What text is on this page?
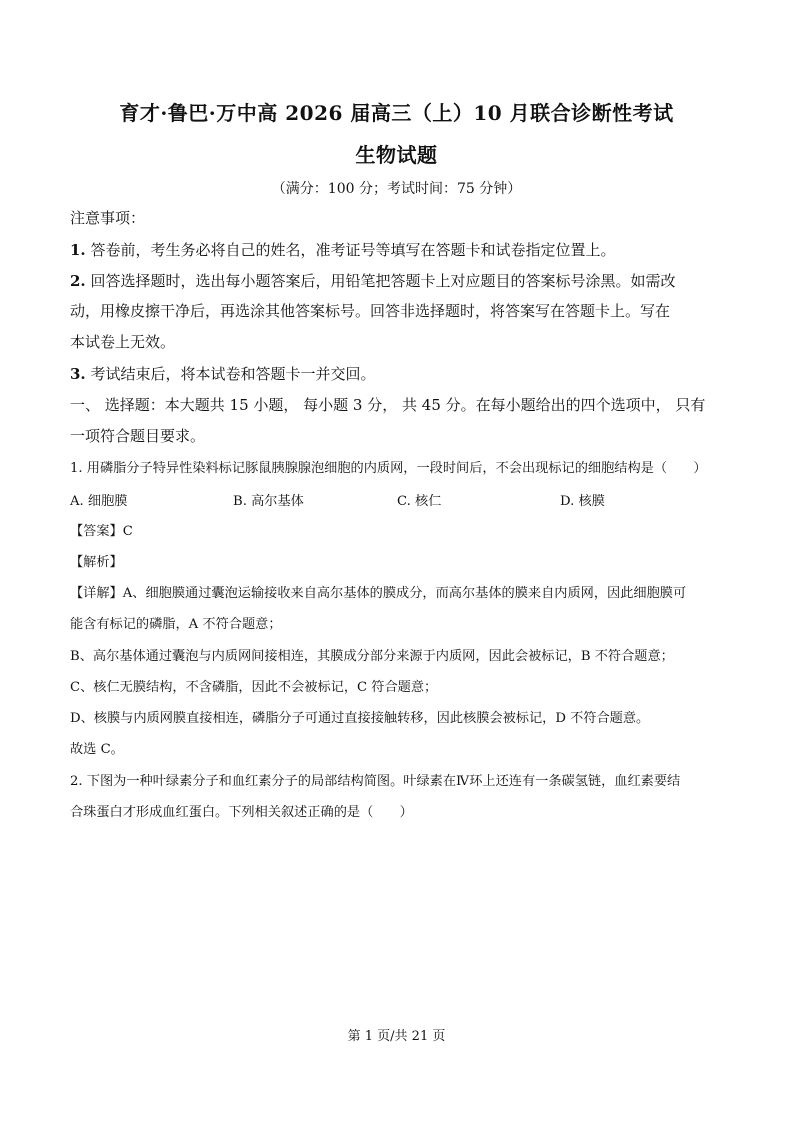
育才·鲁巴·万中高 2026 届高三（上）10 月联合诊断性考试
生物试题
（满分：100 分；考试时间：75 分钟）
注意事项：
1. 答卷前，考生务必将自己的姓名，准考证号等填写在答题卡和试卷指定位置上。
2. 回答选择题时，选出每小题答案后，用铅笔把答题卡上对应题目的答案标号涂黑。如需改
动，用橡皮擦干净后，再选涂其他答案标号。回答非选择题时，将答案写在答题卡上。写在
本试卷上无效。
3. 考试结束后，将本试卷和答题卡一并交回。
一、 选择题：本大题共 15 小题， 每小题 3 分， 共 45 分。在每小题给出的四个选项中， 只有
一项符合题目要求。
1. 用磷脂分子特异性染料标记豚鼠胰腺腺泡细胞的内质网，一段时间后，不会出现标记的细胞结构是（　　）
A. 细胞膜	B. 高尔基体	C. 核仁	D. 核膜
【答案】C
【解析】
【详解】A、细胞膜通过囊泡运输接收来自高尔基体的膜成分，而高尔基体的膜来自内质网，因此细胞膜可
能含有标记的磷脂，A 不符合题意；
B、高尔基体通过囊泡与内质网间接相连，其膜成分部分来源于内质网，因此会被标记，B 不符合题意；
C、核仁无膜结构，不含磷脂，因此不会被标记，C 符合题意；
D、核膜与内质网膜直接相连，磷脂分子可通过直接接触转移，因此核膜会被标记，D 不符合题意。
故选 C。
2. 下图为一种叶绿素分子和血红素分子的局部结构简图。叶绿素在Ⅳ环上还连有一条碳氢链，血红素要结
合珠蛋白才形成血红蛋白。下列相关叙述正确的是（　　）
第 1 页/共 21 页
